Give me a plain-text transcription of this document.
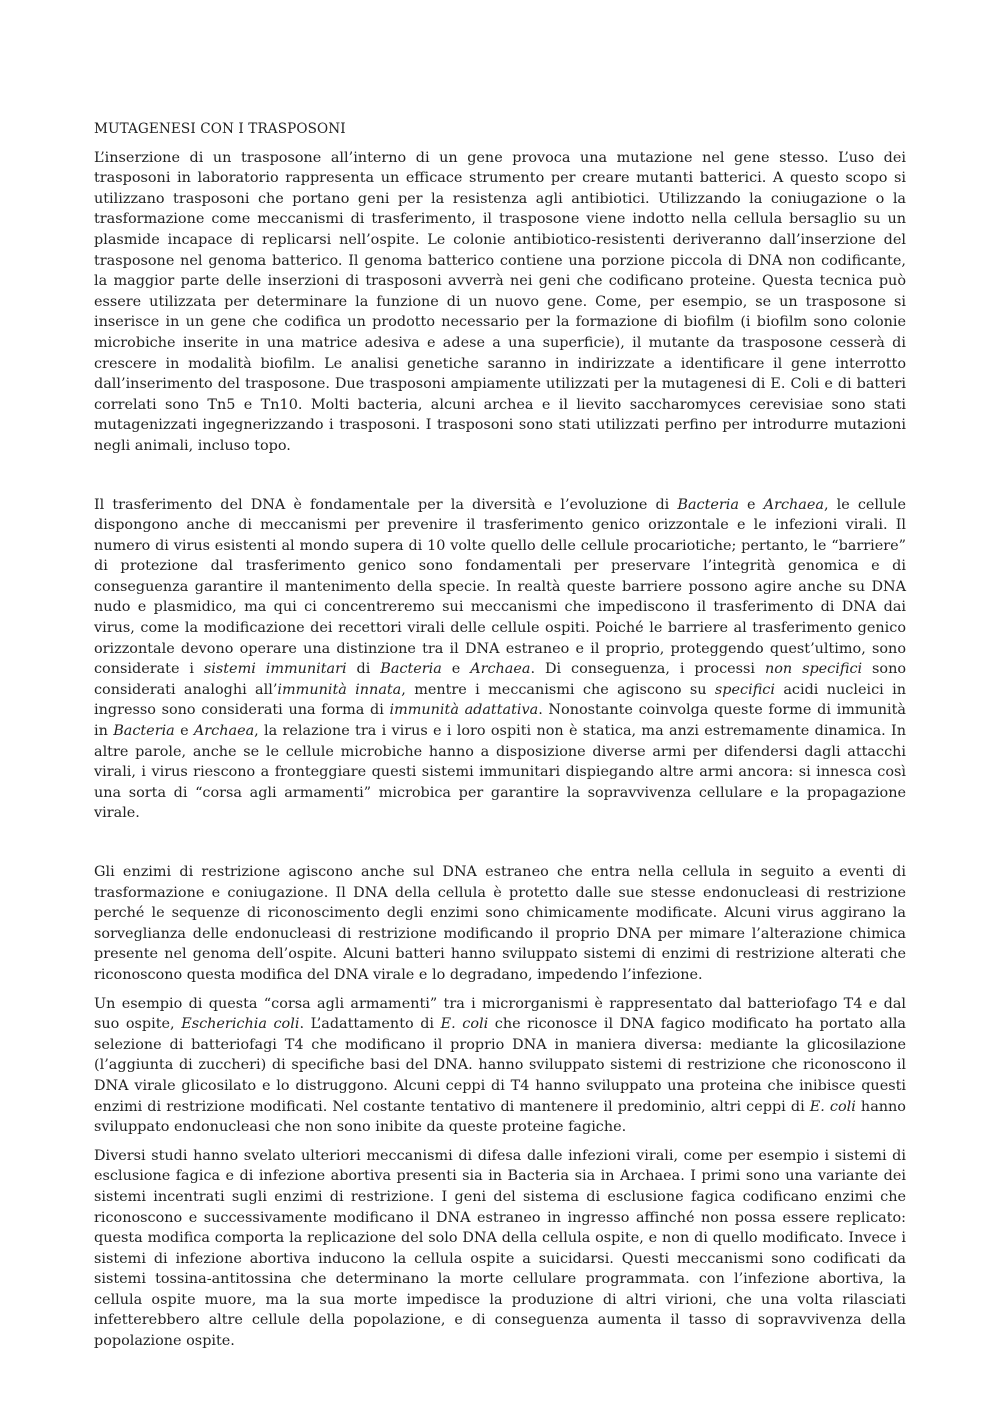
MUTAGENESI CON I TRASPOSONI

L’inserzione di un trasposone all’interno di un gene provoca una mutazione nel gene stesso. L’uso dei trasposoni in laboratorio rappresenta un efficace strumento per creare mutanti batterici. A questo scopo si utilizzano trasposoni che portano geni per la resistenza agli antibiotici. Utilizzando la coniugazione o la trasformazione come meccanismi di trasferimento, il trasposone viene indotto nella cellula bersaglio su un plasmide incapace di replicarsi nell’ospite. Le colonie antibiotico-resistenti deriveranno dall’inserzione del trasposone nel genoma batterico. Il genoma batterico contiene una porzione piccola di DNA non codificante, la maggior parte delle inserzioni di trasposoni avverrà nei geni che codificano proteine. Questa tecnica può essere utilizzata per determinare la funzione di un nuovo gene. Come, per esempio, se un trasposone si inserisce in un gene che codifica un prodotto necessario per la formazione di biofilm (i biofilm sono colonie microbiche inserite in una matrice adesiva e adese a una superficie), il mutante da trasposone cesserà di crescere in modalità biofilm. Le analisi genetiche saranno in indirizzate a identificare il gene interrotto dall’inserimento del trasposone. Due trasposoni ampiamente utilizzati per la mutagenesi di E. Coli e di batteri correlati sono Tn5 e Tn10. Molti bacteria, alcuni archea e il lievito saccharomyces cerevisiae sono stati mutagenizzati ingegnerizzando i trasposoni. I trasposoni sono stati utilizzati perfino per introdurre mutazioni negli animali, incluso topo.

Il trasferimento del DNA è fondamentale per la diversità e l’evoluzione di Bacteria e Archaea, le cellule dispongono anche di meccanismi per prevenire il trasferimento genico orizzontale e le infezioni virali. Il numero di virus esistenti al mondo supera di 10 volte quello delle cellule procariotiche; pertanto, le “barriere” di protezione dal trasferimento genico sono fondamentali per preservare l’integrità genomica e di conseguenza garantire il mantenimento della specie. In realtà queste barriere possono agire anche su DNA nudo e plasmidico, ma qui ci concentreremo sui meccanismi che impediscono il trasferimento di DNA dai virus, come la modificazione dei recettori virali delle cellule ospiti. Poiché le barriere al trasferimento genico orizzontale devono operare una distinzione tra il DNA estraneo e il proprio, proteggendo quest’ultimo, sono considerate i sistemi immunitari di Bacteria e Archaea. Di conseguenza, i processi non specifici sono considerati analoghi all’immunità innata, mentre i meccanismi che agiscono su specifici acidi nucleici in ingresso sono considerati una forma di immunità adattativa. Nonostante coinvolga queste forme di immunità in Bacteria e Archaea, la relazione tra i virus e i loro ospiti non è statica, ma anzi estremamente dinamica. In altre parole, anche se le cellule microbiche hanno a disposizione diverse armi per difendersi dagli attacchi virali, i virus riescono a fronteggiare questi sistemi immunitari dispiegando altre armi ancora: si innesca così una sorta di “corsa agli armamenti” microbica per garantire la sopravvivenza cellulare e la propagazione virale.

Gli enzimi di restrizione agiscono anche sul DNA estraneo che entra nella cellula in seguito a eventi di trasformazione e coniugazione. Il DNA della cellula è protetto dalle sue stesse endonucleasi di restrizione perché le sequenze di riconoscimento degli enzimi sono chimicamente modificate. Alcuni virus aggirano la sorveglianza delle endonucleasi di restrizione modificando il proprio DNA per mimare l’alterazione chimica presente nel genoma dell’ospite. Alcuni batteri hanno sviluppato sistemi di enzimi di restrizione alterati che riconoscono questa modifica del DNA virale e lo degradano, impedendo l’infezione.

Un esempio di questa “corsa agli armamenti” tra i microrganismi è rappresentato dal batteriofago T4 e dal suo ospite, Escherichia coli. L’adattamento di E. coli che riconosce il DNA fagico modificato ha portato alla selezione di batteriofagi T4 che modificano il proprio DNA in maniera diversa: mediante la glicosilazione (l’aggiunta di zuccheri) di specifiche basi del DNA. hanno sviluppato sistemi di restrizione che riconoscono il DNA virale glicosilato e lo distruggono. Alcuni ceppi di T4 hanno sviluppato una proteina che inibisce questi enzimi di restrizione modificati. Nel costante tentativo di mantenere il predominio, altri ceppi di E. coli hanno sviluppato endonucleasi che non sono inibite da queste proteine fagiche.

Diversi studi hanno svelato ulteriori meccanismi di difesa dalle infezioni virali, come per esempio i sistemi di esclusione fagica e di infezione abortiva presenti sia in Bacteria sia in Archaea. I primi sono una variante dei sistemi incentrati sugli enzimi di restrizione. I geni del sistema di esclusione fagica codificano enzimi che riconoscono e successivamente modificano il DNA estraneo in ingresso affinché non possa essere replicato: questa modifica comporta la replicazione del solo DNA della cellula ospite, e non di quello modificato. Invece i sistemi di infezione abortiva inducono la cellula ospite a suicidarsi. Questi meccanismi sono codificati da sistemi tossina-antitossina che determinano la morte cellulare programmata. con l’infezione abortiva, la cellula ospite muore, ma la sua morte impedisce la produzione di altri virioni, che una volta rilasciati infetterebbero altre cellule della popolazione, e di conseguenza aumenta il tasso di sopravvivenza della popolazione ospite.
